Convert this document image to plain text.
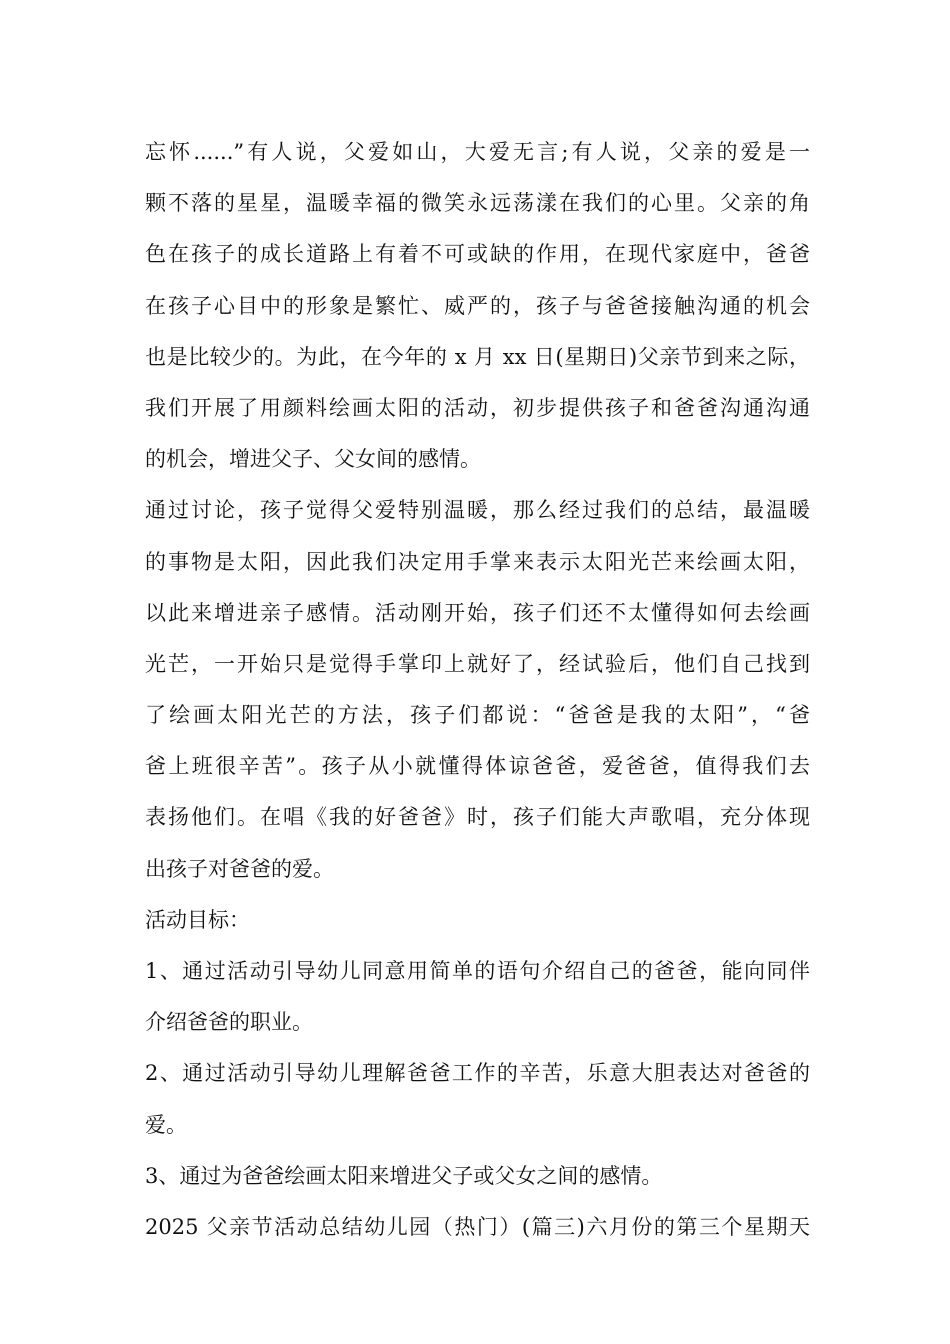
忘怀......”有人说，父爱如山，大爱无言;有人说，父亲的爱是一
颗不落的星星，温暖幸福的微笑永远荡漾在我们的心里。父亲的角
色在孩子的成长道路上有着不可或缺的作用，在现代家庭中，爸爸
在孩子心目中的形象是繁忙、威严的，孩子与爸爸接触沟通的机会
也是比较少的。为此，在今年的 x 月 xx 日(星期日)父亲节到来之际，
我们开展了用颜料绘画太阳的活动，初步提供孩子和爸爸沟通沟通
的机会，增进父子、父女间的感情。
通过讨论，孩子觉得父爱特别温暖，那么经过我们的总结，最温暖
的事物是太阳，因此我们决定用手掌来表示太阳光芒来绘画太阳，
以此来增进亲子感情。活动刚开始，孩子们还不太懂得如何去绘画
光芒，一开始只是觉得手掌印上就好了，经试验后，他们自己找到
了绘画太阳光芒的方法，孩子们都说：“爸爸是我的太阳”，“爸
爸上班很辛苦”。孩子从小就懂得体谅爸爸，爱爸爸，值得我们去
表扬他们。在唱《我的好爸爸》时，孩子们能大声歌唱，充分体现
出孩子对爸爸的爱。
活动目标：
1、通过活动引导幼儿同意用简单的语句介绍自己的爸爸，能向同伴
介绍爸爸的职业。
2、通过活动引导幼儿理解爸爸工作的辛苦，乐意大胆表达对爸爸的
爱。
3、通过为爸爸绘画太阳来增进父子或父女之间的感情。
2025 父亲节活动总结幼儿园（热门）(篇三)六月份的第三个星期天
